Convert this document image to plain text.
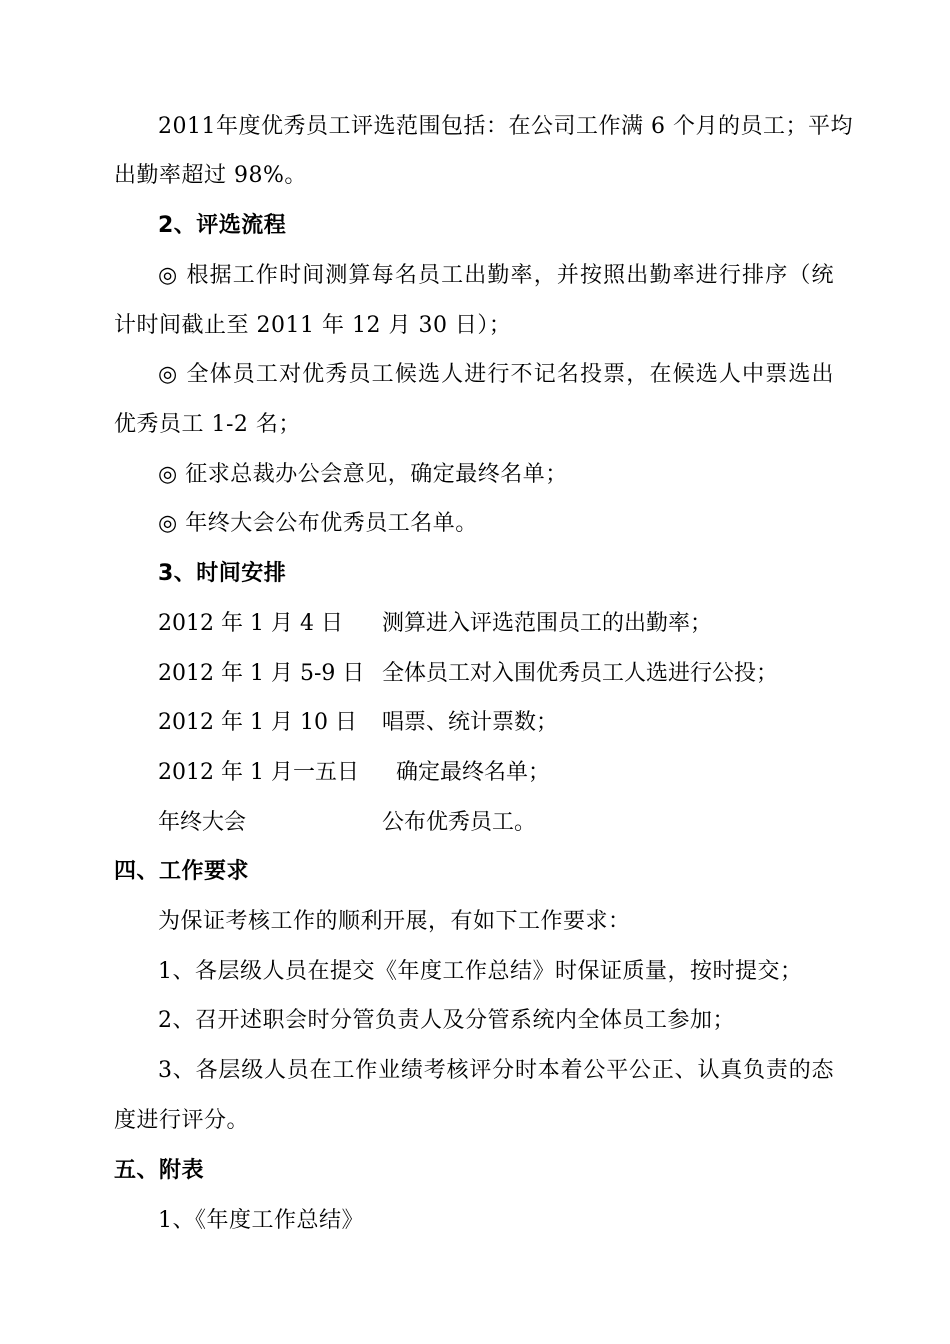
2011年度优秀员工评选范围包括：在公司工作满 6 个月的员工；平均
出勤率超过 98%。
2、评选流程
◎ 根据工作时间测算每名员工出勤率，并按照出勤率进行排序（统
计时间截止至 2011 年 12 月 30 日）；
◎ 全体员工对优秀员工候选人进行不记名投票，在候选人中票选出
优秀员工 1-2 名；
◎ 征求总裁办公会意见，确定最终名单；
◎ 年终大会公布优秀员工名单。
3、时间安排
2012 年 1 月 4 日 测算进入评选范围员工的出勤率；
2012 年 1 月 5-9 日 全体员工对入围优秀员工人选进行公投；
2012 年 1 月 10 日 唱票、统计票数；
2012 年 1 月一五日 确定最终名单；
年终大会	公布优秀员工。
四、工作要求
为保证考核工作的顺利开展，有如下工作要求：
1、各层级人员在提交《年度工作总结》时保证质量，按时提交；
2、召开述职会时分管负责人及分管系统内全体员工参加；
3、各层级人员在工作业绩考核评分时本着公平公正、认真负责的态
度进行评分。
五、附表
1、《年度工作总结》
